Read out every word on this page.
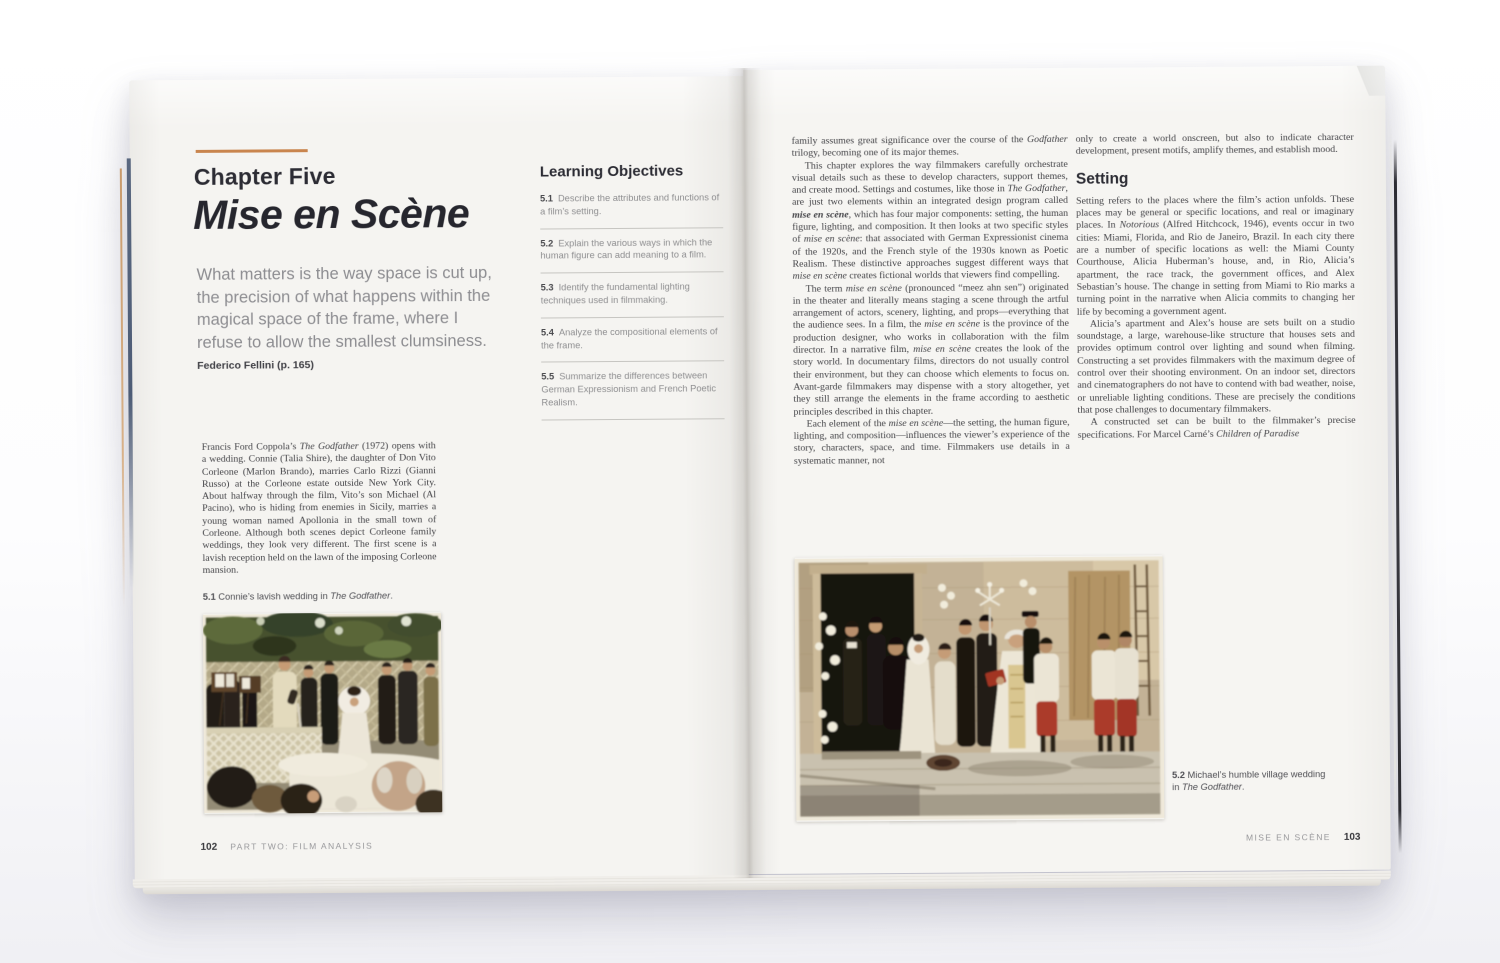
Chapter Five
Mise en Scène
What matters is the way space is cut up, the precision of what happens within the magical space of the frame, where I refuse to allow the smallest clumsiness.
Federico Fellini (p. 165)
Learning Objectives
5.1 Describe the attributes and functions of a film’s setting.
5.2 Explain the various ways in which the human figure can add meaning to a film.
5.3 Identify the fundamental lighting techniques used in filmmaking.
5.4 Analyze the compositional elements of the frame.
5.5 Summarize the differences between German Expressionism and French Poetic Realism.

Francis Ford Coppola’s The Godfather (1972) opens with a wedding. Connie (Talia Shire), the daughter of Don Vito Corleone (Marlon Brando), marries Carlo Rizzi (Gianni Russo) at the Corleone estate outside New York City. About halfway through the film, Vito’s son Michael (Al Pacino), who is hiding from enemies in Sicily, marries a young woman named Apollonia in the small town of Corleone. Although both scenes depict Corleone family weddings, they look very different. The first scene is a lavish reception held on the lawn of the imposing Corleone mansion.

5.1 Connie’s lavish wedding in The Godfather.
102 PART TWO: FILM ANALYSIS

family assumes great significance over the course of the Godfather trilogy, becoming one of its major themes.

This chapter explores the way filmmakers carefully orchestrate visual details such as these to develop characters, support themes, and create mood. Settings and costumes, like those in The Godfather, are just two elements within an integrated design program called mise en scène, which has four major components: setting, the human figure, lighting, and composition. It then looks at two specific styles of mise en scène: that associated with German Expressionist cinema of the 1920s, and the French style of the 1930s known as Poetic Realism. These distinctive approaches suggest different ways that mise en scène creates fictional worlds that viewers find compelling.

The term mise en scène (pronounced “meez ahn sen”) originated in the theater and literally means staging a scene through the artful arrangement of actors, scenery, lighting, and props—everything that the audience sees. In a film, the mise en scène is the province of the production designer, who works in collaboration with the film director. In a narrative film, mise en scène creates the look of the story world. In documentary films, directors do not usually control their environment, but they can choose which elements to focus on. Avant-garde filmmakers may dispense with a story altogether, yet they still arrange the elements in the frame according to aesthetic principles described in this chapter.

Each element of the mise en scène—the setting, the human figure, lighting, and composition—influences the viewer’s experience of the story, characters, space, and time. Filmmakers use details in a systematic manner, not

only to create a world onscreen, but also to indicate character development, present motifs, amplify themes, and establish mood.

Setting

Setting refers to the places where the film’s action unfolds. These places may be general or specific locations, and real or imaginary places. In Notorious (Alfred Hitchcock, 1946), events occur in two cities: Miami, Florida, and Rio de Janeiro, Brazil. In each city there are a number of specific locations as well: the Miami County Courthouse, Alicia Huberman’s house, and, in Rio, Alicia’s apartment, the race track, the government offices, and Alex Sebastian’s house. The change in setting from Miami to Rio marks a turning point in the narrative when Alicia commits to changing her life by becoming a government agent.

Alicia’s apartment and Alex’s house are sets built on a studio soundstage, a large, warehouse-like structure that houses sets and provides optimum control over lighting and sound when filming. Constructing a set provides filmmakers with the maximum degree of control over their shooting environment. On an indoor set, directors and cinematographers do not have to contend with bad weather, noise, or unreliable lighting conditions. These are precisely the conditions that pose challenges to documentary filmmakers.

A constructed set can be built to the filmmaker’s precise specifications. For Marcel Carné’s Children of Paradise

5.2 Michael’s humble village wedding in The Godfather.
MISE EN SCÈNE 103
